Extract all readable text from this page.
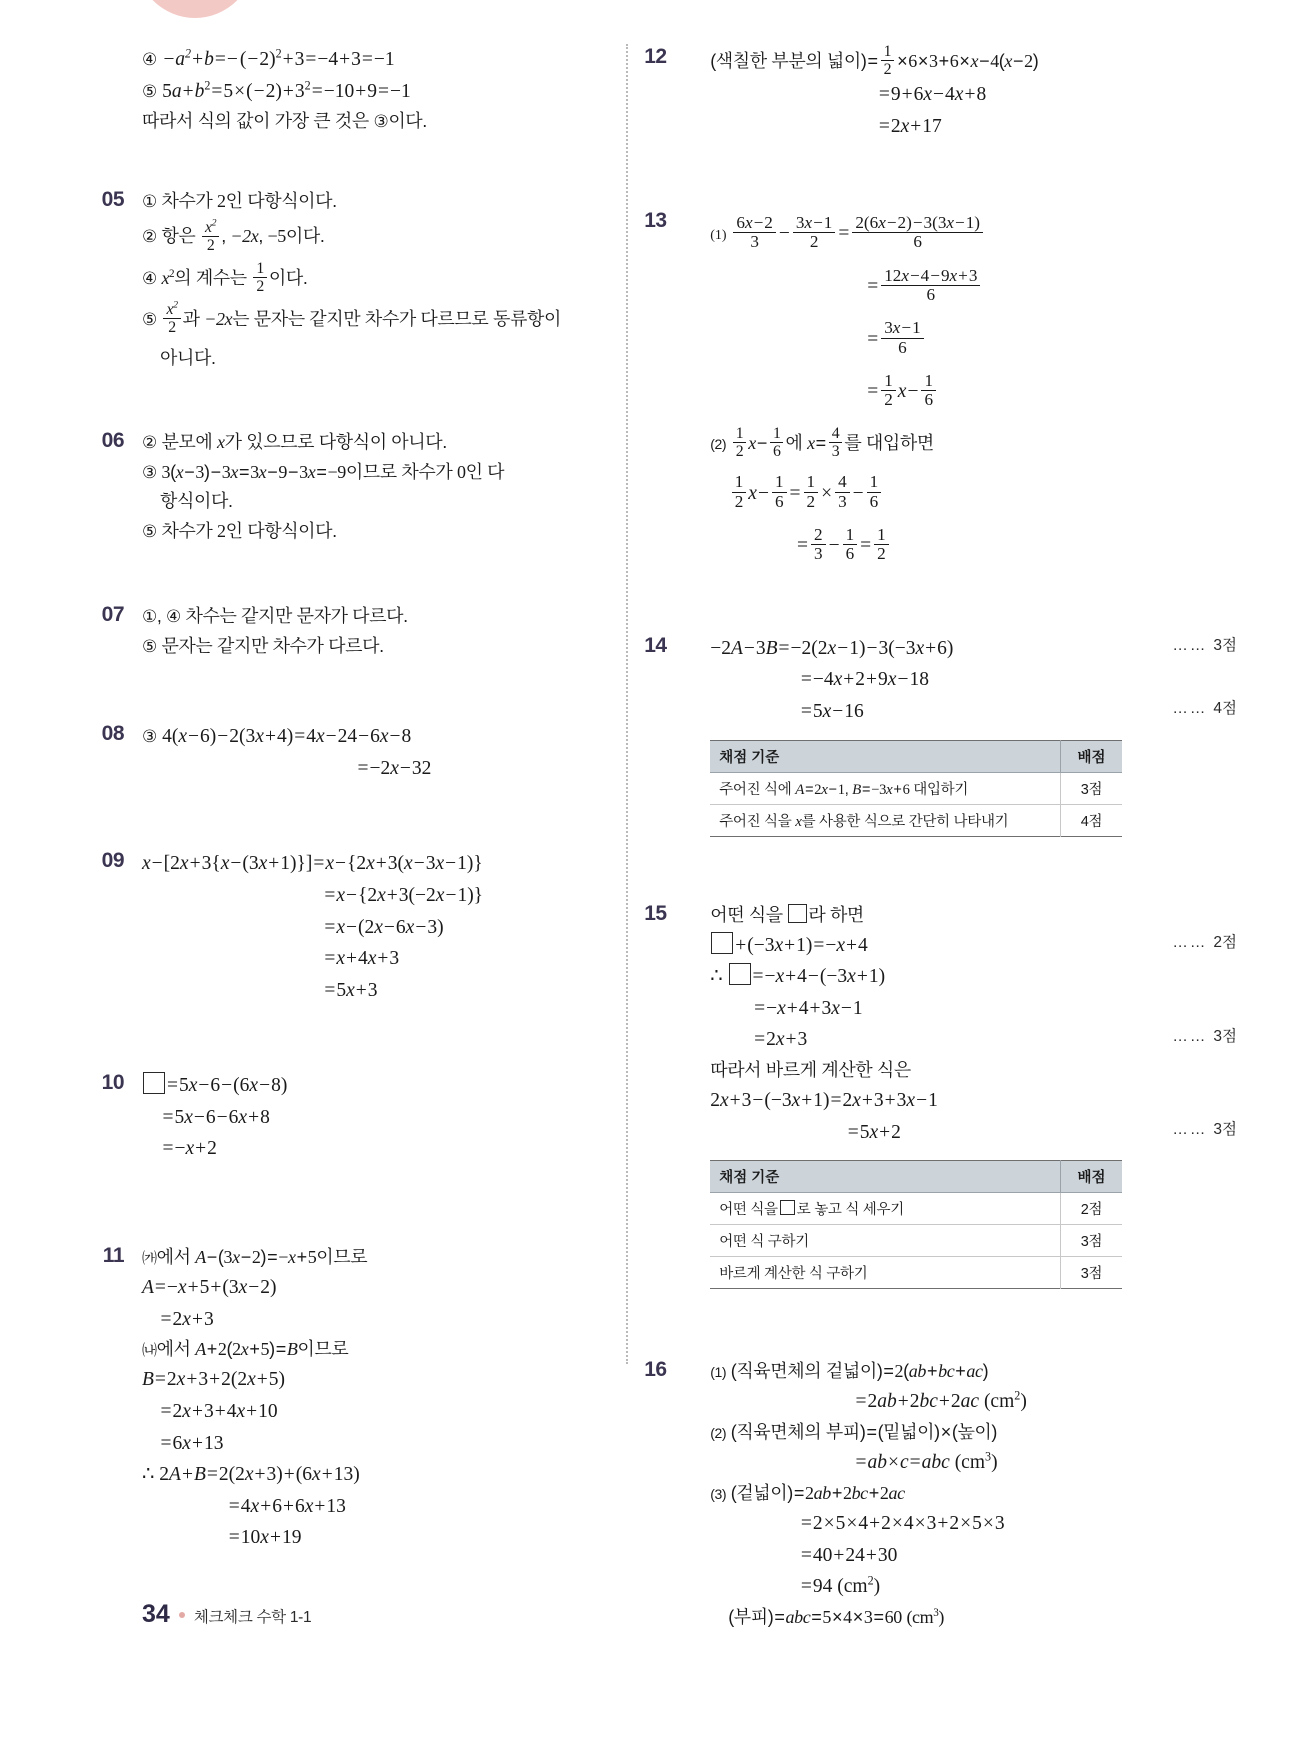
④ $-a^2+b=- (-2)^2+3=-4+3=-1$
⑤ $5a+b^2=5\times(-2)+3^2=-10+9=-1$
따라서 식의 값이 가장 큰 것은 ③이다.
05 ① 차수가 2인 다항식이다.
② 항은 $\frac{x^2}{2}$ , −2x, −5이다.
④ $x^2$의 계수는 $\frac{1}{2}$ 이다.
⑤ $\frac{x^2}{2}$ 과 −2x는 문자는 같지만 차수가 다르므로 동류항이
아니다.
06 ② 분모에 x가 있으므로 다항식이 아니다.
③ 3(x−3)−3x=3x−9−3x=−9이므로 차수가 0인 다
항식이다.
⑤ 차수가 2인 다항식이다.
07 ①, ④ 차수는 같지만 문자가 다르다.
⑤ 문자는 같지만 차수가 다르다.
08 ③ 4(x−6)−2(3x+4)=4x−24−6x−8
=−2x−32
09 x−[2x+3{x−(3x+1)}]=x−{2x+3(x−3x−1)}
=x−{2x+3(−2x−1)}
=x−(2x−6x−3)
=x+4x+3
=5x+3
10	=5x−6−(6x−8)
=5x−6−6x+8
=−x+2
11 ㈎에서 A−(3x−2)=−x+5이므로
A=−x+5+(3x−2)
=2x+3
㈏에서 A+2(2x+5)=B이므로
B=2x+3+2(2x+5)
=2x+3+4x+10
=6x+13
∴ 2A+B=2(2x+3)+(6x+13)
=4x+6+6x+13
=10x+19
12	(색칠한 부분의 넓이)= $\frac{1}{2} \times 6\times 3+6\times x-4(x-2)$
=9+6x−4x+8
=2x+17
13
$(1) \frac{6x-2}{3} - \frac{3x-1}{2} = \frac{2(6x-2)-3(3x-1)}{6}$
= $\frac{12x-4-9x+3}{6}$
= $\frac{3x-1}{6}$
= $\frac{1}{2} x- \frac{1}{6}$
$(2) \frac{1}{2} x- \frac{1}{6}$ 에 $x= \frac{4}{3}$ 를 대입하면
$\frac{1}{2} x- \frac{1}{6} = \frac{1}{2} \times \frac{4}{3} - \frac{1}{6}$
= $\frac{2}{3} - \frac{1}{6} = \frac{1}{2}$
14	−2A−3B=−2(2x−1)−3(−3x+6)	…… 3점
=−4x+2+9x−18
=5x−16	…… 4점
채점 기준	배점
주어진 식에 A=2x−1, B=−3x+6 대입하기	3점
주어진 식을 x를 사용한 식으로 간단히 나타내기	4점
15	어떤 식을 라 하면
+(−3x+1)=−x+4	…… 2점
∴ =−x+4−(−3x+1)
=−x+4+3x−1
=2x+3	…… 3점
따라서 바르게 계산한 식은
2x+3−(−3x+1)=2x+3+3x−1
=5x+2	…… 3점
채점 기준	배점
어떤 식을 로 놓고 식 세우기	2점
어떤 식 구하기	3점
바르게 계산한 식 구하기	3점
16	(1) (직육면체의 겉넓이)=2(ab+bc+ac)
=2ab+2bc+2ac $(cm^2)$
(2) (직육면체의 부피)=(밑넓이)×(높이)
=ab×c=abc $(cm^3)$
(3) (겉넓이)=2ab+2bc+2ac
=2×5×4+2×4×3+2×5×3
=40+24+30
=94 $(cm^2)$
(부피)=abc=5×4×3=60 $(cm^3)$
34 체크체크 수학 1-1
